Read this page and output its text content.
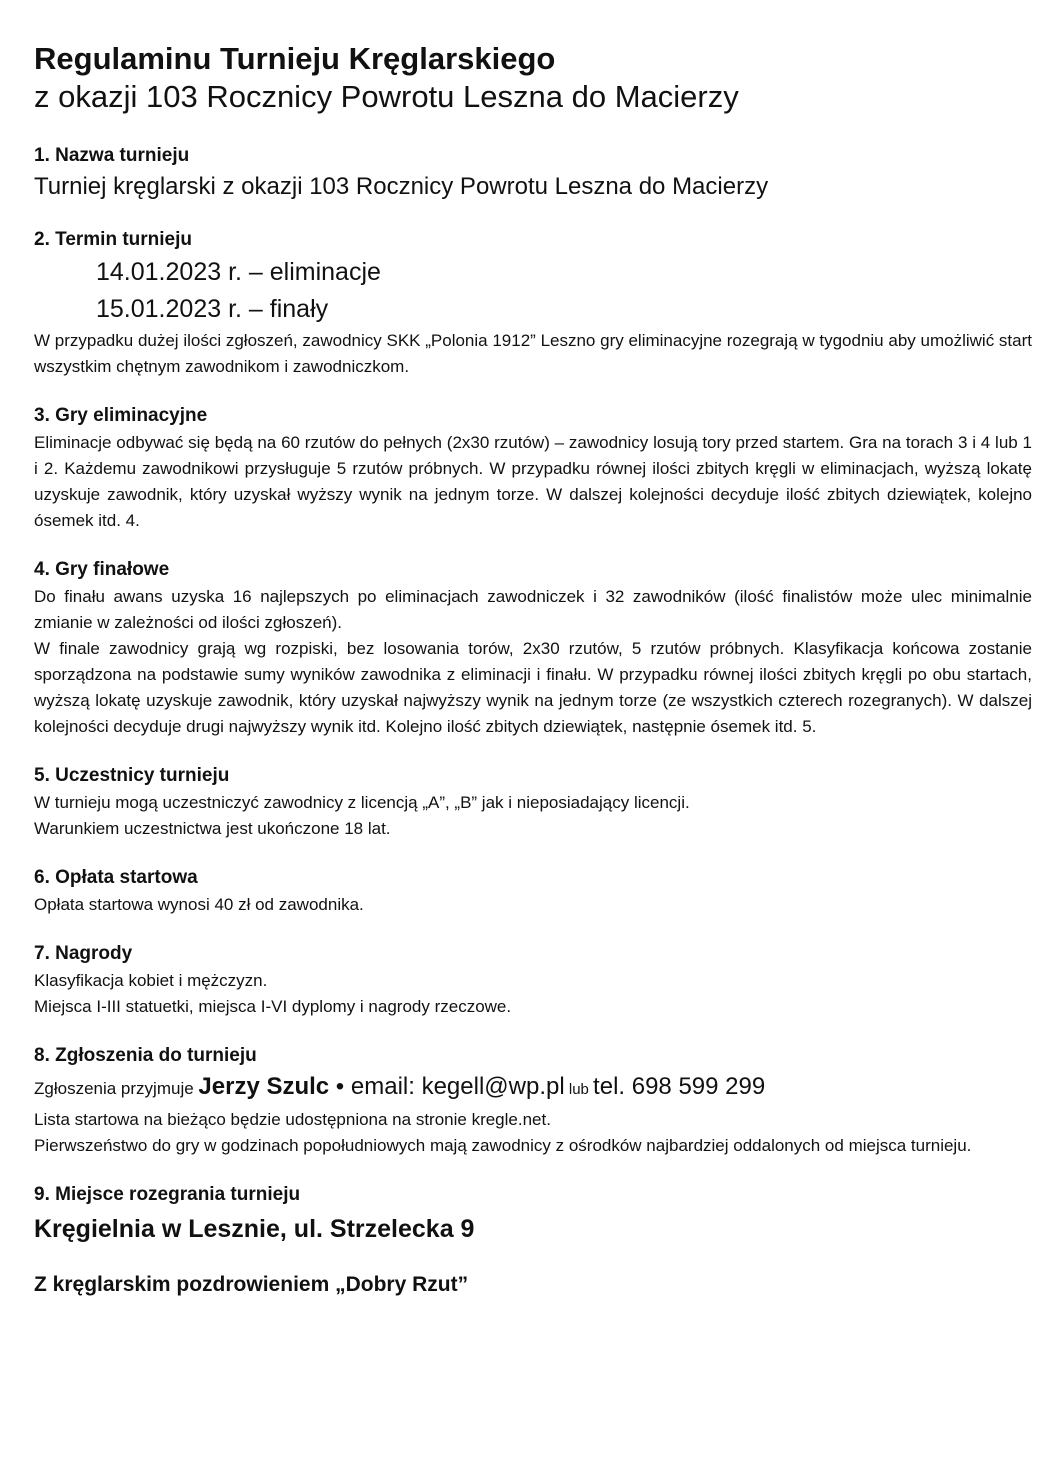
Regulaminu Turnieju Kręglarskiego
z okazji 103 Rocznicy Powrotu Leszna do Macierzy
1. Nazwa turnieju
Turniej kręglarski z okazji 103 Rocznicy Powrotu Leszna do Macierzy
2. Termin turnieju
14.01.2023 r. – eliminacje
15.01.2023 r. – finały

W przypadku dużej ilości zgłoszeń, zawodnicy SKK „Polonia 1912” Leszno gry eliminacyjne rozegrają w tygodniu aby umożliwić start wszystkim chętnym zawodnikom i zawodniczkom.

3. Gry eliminacyjne

Eliminacje odbywać się będą na 60 rzutów do pełnych (2x30 rzutów) – zawodnicy losują tory przed startem. Gra na torach 3 i 4 lub 1 i 2. Każdemu zawodnikowi przysługuje 5 rzutów próbnych. W przypadku równej ilości zbitych kręgli w eliminacjach, wyższą lokatę uzyskuje zawodnik, który uzyskał wyższy wynik na jednym torze. W dalszej kolejności decyduje ilość zbitych dziewiątek, kolejno ósemek itd. 4.

4. Gry finałowe

Do finału awans uzyska 16 najlepszych po eliminacjach zawodniczek i 32 zawodników (ilość finalistów może ulec minimalnie zmianie w zależności od ilości zgłoszeń).

W finale zawodnicy grają wg rozpiski, bez losowania torów, 2x30 rzutów, 5 rzutów próbnych. Klasyfikacja końcowa zostanie sporządzona na podstawie sumy wyników zawodnika z eliminacji i finału. W przypadku równej ilości zbitych kręgli po obu startach, wyższą lokatę uzyskuje zawodnik, który uzyskał najwyższy wynik na jednym torze (ze wszystkich czterech rozegranych). W dalszej kolejności decyduje drugi najwyższy wynik itd. Kolejno ilość zbitych dziewiątek, następnie ósemek itd. 5.

5. Uczestnicy turnieju

W turnieju mogą uczestniczyć zawodnicy z licencją „A”, „B” jak i nieposiadający licencji.

Warunkiem uczestnictwa jest ukończone 18 lat.

6. Opłata startowa

Opłata startowa wynosi 40 zł od zawodnika.

7. Nagrody

Klasyfikacja kobiet i mężczyzn.

Miejsca I-III statuetki, miejsca I-VI dyplomy i nagrody rzeczowe.

8. Zgłoszenia do turnieju
Zgłoszenia przyjmuje Jerzy Szulc • email: kegell@wp.pl lub tel. 698 599 299

Lista startowa na bieżąco będzie udostępniona na stronie kregle.net.

Pierwszeństwo do gry w godzinach popołudniowych mają zawodnicy z ośrodków najbardziej oddalonych od miejsca turnieju.

9. Miejsce rozegrania turnieju
Kręgielnia w Lesznie, ul. Strzelecka 9
Z kręglarskim pozdrowieniem „Dobry Rzut”
